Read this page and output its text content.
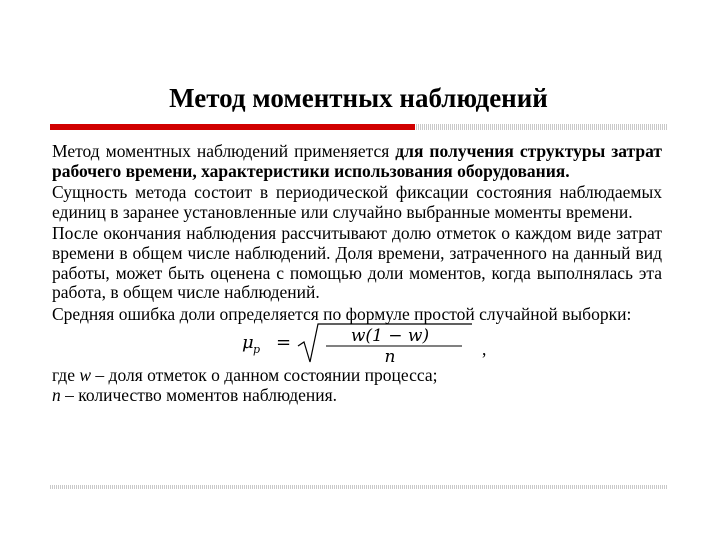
Метод моментных наблюдений

Метод моментных наблюдений применяется для получения структуры затрат рабочего времени, характеристики использования оборудования.

Сущность метода состоит в периодической фиксации состояния наблюдаемых единиц в заранее установленные или случайно выбранные моменты времени.

После окончания наблюдения рассчитывают долю отметок о каждом виде затрат времени в общем числе наблюдений. Доля времени, затраченного на данный вид работы, может быть оценена с помощью доли моментов, когда выполнялась эта работа, в общем числе наблюдений.

Средняя ошибка доли определяется по формуле простой случайной выборки:

μ p =	w(1 − w)
n	,

где w – доля отметок о данном состоянии процесса;

n – количество моментов наблюдения.
